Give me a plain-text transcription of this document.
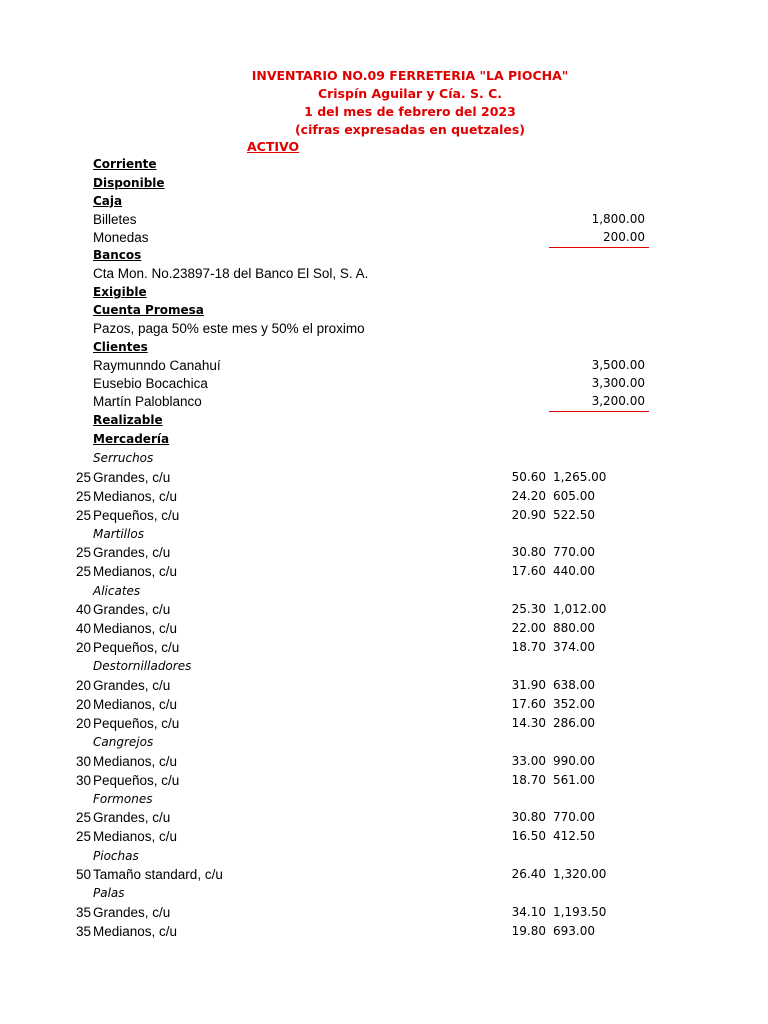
INVENTARIO NO.09 FERRETERIA "LA PIOCHA"
Crispín Aguilar y Cía. S. C.
1 del mes de febrero del 2023
(cifras expresadas en quetzales)
ACTIVO
Corriente
Disponible
Caja
Billetes	1,800.00
Monedas	200.00
Bancos
Cta Mon. No.23897-18 del Banco El Sol, S. A.
Exigible
Cuenta Promesa
Pazos, paga 50% este mes y 50% el proximo
Clientes
Raymunndo Canahuí	3,500.00
Eusebio Bocachica	3,300.00
Martín Paloblanco	3,200.00
Realizable
Mercadería
Serruchos
25 Grandes, c/u	50.60 1,265.00
25 Medianos, c/u	24.20 605.00
25 Pequeños, c/u	20.90 522.50
Martillos
25 Grandes, c/u	30.80 770.00
25 Medianos, c/u	17.60 440.00
Alicates
40 Grandes, c/u	25.30 1,012.00
40 Medianos, c/u	22.00 880.00
20 Pequeños, c/u	18.70 374.00
Destornilladores
20 Grandes, c/u	31.90 638.00
20 Medianos, c/u	17.60 352.00
20 Pequeños, c/u	14.30 286.00
Cangrejos
30 Medianos, c/u	33.00 990.00
30 Pequeños, c/u	18.70 561.00
Formones
25 Grandes, c/u	30.80 770.00
25 Medianos, c/u	16.50 412.50
Piochas
50 Tamaño standard, c/u	26.40 1,320.00
Palas
35 Grandes, c/u	34.10 1,193.50
35 Medianos, c/u	19.80 693.00
